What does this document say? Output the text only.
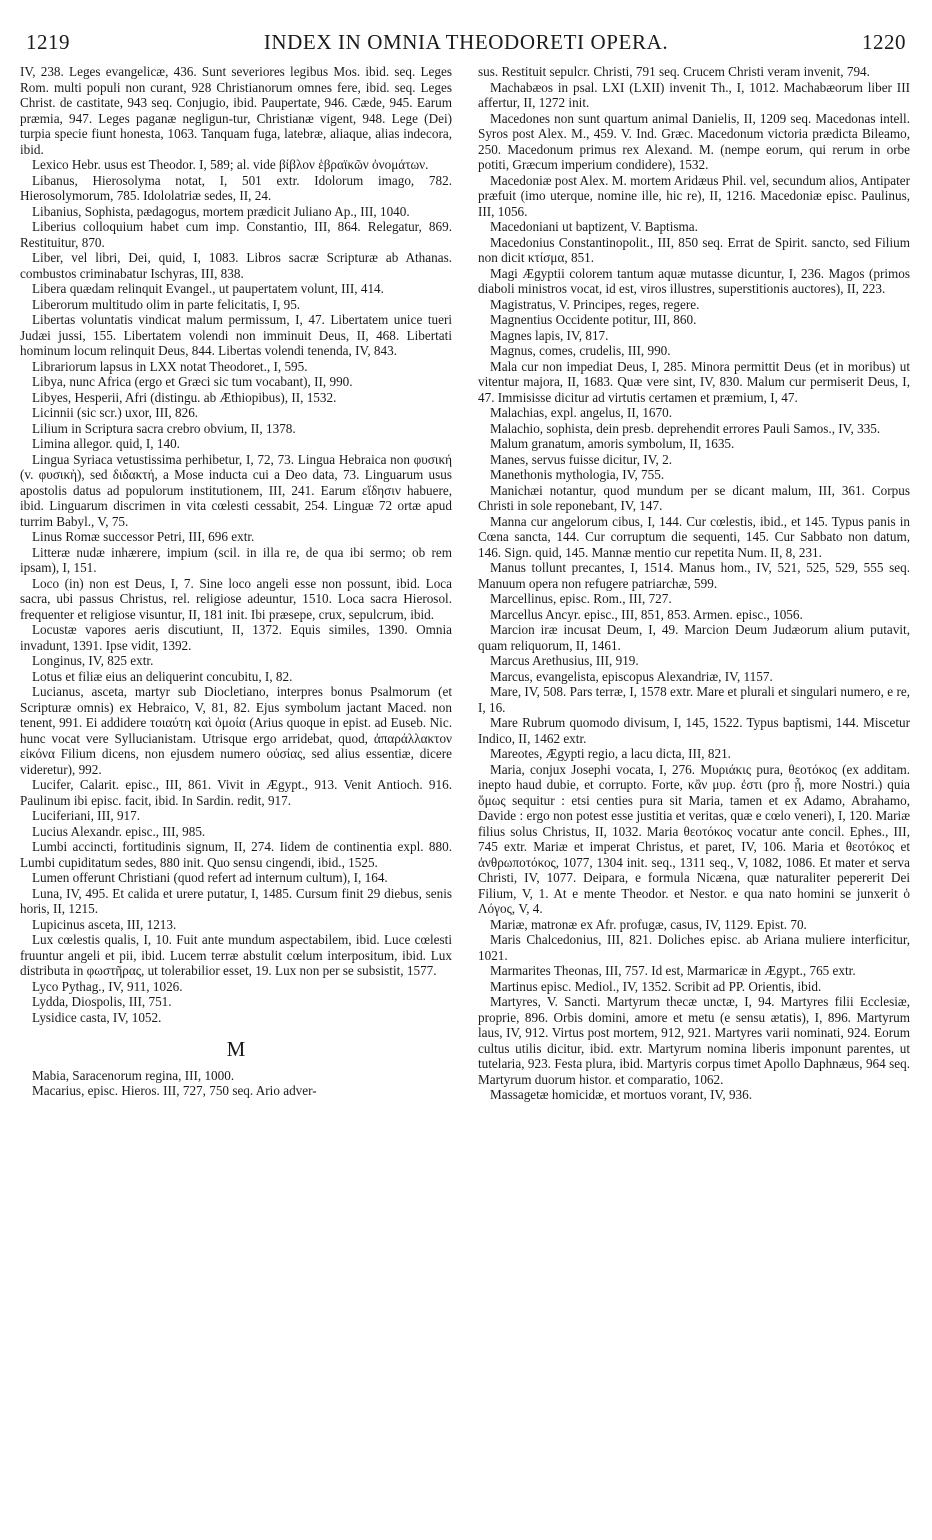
1219	INDEX IN OMNIA THEODORETI OPERA.	1220

IV, 238. Leges evangelicæ, 436. Sunt severiores legibus Mos. ibid. seq. Leges Rom. multi populi non curant, 928 Christianorum omnes fere, ibid. seq. Leges Christ. de castitate, 943 seq. Conjugio, ibid. Paupertate, 946. Cæde, 945. Earum præmia, 947. Leges paganæ negligun-tur, Christianæ vigent, 948. Lege (Dei) turpia specie fiunt honesta, 1063. Tanquam fuga, latebræ, aliaque, alias indecora, ibid.

Lexico Hebr. usus est Theodor. I, 589; al. vide βίβλον ἑβραϊκῶν ὀνομάτων.

Libanus, Hierosolyma notat, I, 501 extr. Idolorum imago, 782. Hierosolymorum, 785. Idololatriæ sedes, II, 24.

Libanius, Sophista, pædagogus, mortem prædicit Juliano Ap., III, 1040.

Liberius colloquium habet cum imp. Constantio, III, 864. Relegatur, 869. Restituitur, 870.

Liber, vel libri, Dei, quid, I, 1083. Libros sacræ Scripturæ ab Athanas. combustos criminabatur Ischyras, III, 838.

Libera quædam relinquit Evangel., ut paupertatem volunt, III, 414.

Liberorum multitudo olim in parte felicitatis, I, 95.

Libertas voluntatis vindicat malum permissum, I, 47. Libertatem unice tueri Judæi jussi, 155. Libertatem volendi non imminuit Deus, II, 468. Libertati hominum locum relinquit Deus, 844. Libertas volendi tenenda, IV, 843.

Librariorum lapsus in LXX notat Theodoret., I, 595.

Libya, nunc Africa (ergo et Græci sic tum vocabant), II, 990.

Libyes, Hesperii, Afri (distingu. ab Æthiopibus), II, 1532.

Licinnii (sic scr.) uxor, III, 826.

Lilium in Scriptura sacra crebro obvium, II, 1378.

Limina allegor. quid, I, 140.

Lingua Syriaca vetustissima perhibetur, I, 72, 73. Lingua Hebraica non φυσική (v. φυσικὴ), sed διδακτή, a Mose inducta cui a Deo data, 73. Linguarum usus apostolis datus ad populorum institutionem, III, 241. Earum εἴδησιν habuere, ibid. Linguarum discrimen in vita cœlesti cessabit, 254. Linguæ 72 ortæ apud turrim Babyl., V, 75.

Linus Romæ successor Petri, III, 696 extr.

Litteræ nudæ inhærere, impium (scil. in illa re, de qua ibi sermo; ob rem ipsam), I, 151.

Loco (in) non est Deus, I, 7. Sine loco angeli esse non possunt, ibid. Loca sacra, ubi passus Christus, rel. religiose adeuntur, 1510. Loca sacra Hierosol. frequenter et religiose visuntur, II, 181 init. Ibi præsepe, crux, sepulcrum, ibid.

Locustæ vapores aeris discutiunt, II, 1372. Equis similes, 1390. Omnia invadunt, 1391. Ipse vidit, 1392.

Longinus, IV, 825 extr.

Lotus et filiæ eius an deliquerint concubitu, I, 82.

Lucianus, asceta, martyr sub Diocletiano, interpres bonus Psalmorum (et Scripturæ omnis) ex Hebraico, V, 81, 82. Ejus symbolum jactant Maced. non tenent, 991. Ei addidere τοιαύτη καὶ ὁμοία (Arius quoque in epist. ad Euseb. Nic. hunc vocat vere Syllucianistam. Utrisque ergo arridebat, quod, ἀπαράλλακτον εἰκόνα Filium dicens, non ejusdem numero οὐσίας, sed alius essentiæ, dicere videretur), 992.

Lucifer, Calarit. episc., III, 861. Vivit in Ægypt., 913. Venit Antioch. 916. Paulinum ibi episc. facit, ibid. In Sardin. redit, 917.

Luciferiani, III, 917.

Lucius Alexandr. episc., III, 985.

Lumbi accincti, fortitudinis signum, II, 274. Iidem de continentia expl. 880. Lumbi cupiditatum sedes, 880 init. Quo sensu cingendi, ibid., 1525.

Lumen offerunt Christiani (quod refert ad internum cultum), I, 164.

Luna, IV, 495. Et calida et urere putatur, I, 1485. Cursum finit 29 diebus, senis horis, II, 1215.

Lupicinus asceta, III, 1213.

Lux cœlestis qualis, I, 10. Fuit ante mundum aspectabilem, ibid. Luce cœlesti fruuntur angeli et pii, ibid. Lucem terræ abstulit cœlum interpositum, ibid. Lux distributa in φωστῆρας, ut tolerabilior esset, 19. Lux non per se subsistit, 1577.

Lyco Pythag., IV, 911, 1026.

Lydda, Diospolis, III, 751.

Lysidice casta, IV, 1052.

M

Mabia, Saracenorum regina, III, 1000.

Macarius, episc. Hieros. III, 727, 750 seq. Ario adver-

sus. Restituit sepulcr. Christi, 791 seq. Crucem Christi veram invenit, 794.

Machabæos in psal. LXI (LXII) invenit Th., I, 1012. Machabæorum liber III affertur, II, 1272 init.

Macedones non sunt quartum animal Danielis, II, 1209 seq. Macedonas intell. Syros post Alex. M., 459. V. Ind. Græc. Macedonum victoria prædicta Bileamo, 250. Macedonum primus rex Alexand. M. (nempe eorum, qui rerum in orbe potiti, Græcum imperium condidere), 1532.

Macedoniæ post Alex. M. mortem Aridæus Phil. vel, secundum alios, Antipater præfuit (imo uterque, nomine ille, hic re), II, 1216. Macedoniæ episc. Paulinus, III, 1056.

Macedoniani ut baptizent, V. Baptisma.

Macedonius Constantinopolit., III, 850 seq. Errat de Spirit. sancto, sed Filium non dicit κτίσμα, 851.

Magi Ægyptii colorem tantum aquæ mutasse dicuntur, I, 236. Magos (primos diaboli ministros vocat, id est, viros illustres, superstitionis auctores), II, 223.

Magistratus, V. Principes, reges, regere.

Magnentius Occidente potitur, III, 860.

Magnes lapis, IV, 817.

Magnus, comes, crudelis, III, 990.

Mala cur non impediat Deus, I, 285. Minora permittit Deus (et in moribus) ut vitentur majora, II, 1683. Quæ vere sint, IV, 830. Malum cur permiserit Deus, I, 47. Immisisse dicitur ad virtutis certamen et præmium, I, 47.

Malachias, expl. angelus, II, 1670.

Malachio, sophista, dein presb. deprehendit errores Pauli Samos., IV, 335.

Malum granatum, amoris symbolum, II, 1635.

Manes, servus fuisse dicitur, IV, 2.

Manethonis mythologia, IV, 755.

Manichæi notantur, quod mundum per se dicant malum, III, 361. Corpus Christi in sole reponebant, IV, 147.

Manna cur angelorum cibus, I, 144. Cur cœlestis, ibid., et 145. Typus panis in Cœna sancta, 144. Cur corruptum die sequenti, 145. Cur Sabbato non datum, 146. Sign. quid, 145. Mannæ mentio cur repetita Num. II, 8, 231.

Manus tollunt precantes, I, 1514. Manus hom., IV, 521, 525, 529, 555 seq. Manuum opera non refugere patriarchæ, 599.

Marcellinus, episc. Rom., III, 727.

Marcellus Ancyr. episc., III, 851, 853. Armen. episc., 1056.

Marcion iræ incusat Deum, I, 49. Marcion Deum Judæorum alium putavit, quam reliquorum, II, 1461.

Marcus Arethusius, III, 919.

Marcus, evangelista, episcopus Alexandriæ, IV, 1157.

Mare, IV, 508. Pars terræ, I, 1578 extr. Mare et plurali et singulari numero, e re, I, 16.

Mare Rubrum quomodo divisum, I, 145, 1522. Typus baptismi, 144. Miscetur Indico, II, 1462 extr.

Mareotes, Ægypti regio, a lacu dicta, III, 821.

Maria, conjux Josephi vocata, I, 276. Μυριάκις pura, θεοτόκος (ex additam. inepto haud dubie, et corrupto. Forte, κἂν μυρ. ἐστι (pro ᾖ, more Nostri.) quia ὅμως sequitur : etsi centies pura sit Maria, tamen et ex Adamo, Abrahamo, Davide : ergo non potest esse justitia et veritas, quæ e cœlo veneri), I, 120. Mariæ filius solus Christus, II, 1032. Maria θεοτόκος vocatur ante concil. Ephes., III, 745 extr. Mariæ et imperat Christus, et paret, IV, 106. Maria et θεοτόκος et ἀνθρωποτόκος, 1077, 1304 init. seq., 1311 seq., V, 1082, 1086. Et mater et serva Christi, IV, 1077. Deipara, e formula Nicæna, quæ naturaliter pepererit Dei Filium, V, 1. At e mente Theodor. et Nestor. e qua nato homini se junxerit ὁ Λόγος, V, 4.

Mariæ, matronæ ex Afr. profugæ, casus, IV, 1129. Epist. 70.

Maris Chalcedonius, III, 821. Doliches episc. ab Ariana muliere interficitur, 1021.

Marmarites Theonas, III, 757. Id est, Marmaricæ in Ægypt., 765 extr.

Martinus episc. Mediol., IV, 1352. Scribit ad PP. Orientis, ibid.

Martyres, V. Sancti. Martyrum thecæ unctæ, I, 94. Martyres filii Ecclesiæ, proprie, 896. Orbis domini, amore et metu (e sensu ætatis), I, 896. Martyrum laus, IV, 912. Virtus post mortem, 912, 921. Martyres varii nominati, 924. Eorum cultus utilis dicitur, ibid. extr. Martyrum nomina liberis imponunt parentes, ut tutelaria, 923. Festa plura, ibid. Martyris corpus timet Apollo Daphnæus, 964 seq. Martyrum duorum histor. et comparatio, 1062.

Massagetæ homicidæ, et mortuos vorant, IV, 936.
